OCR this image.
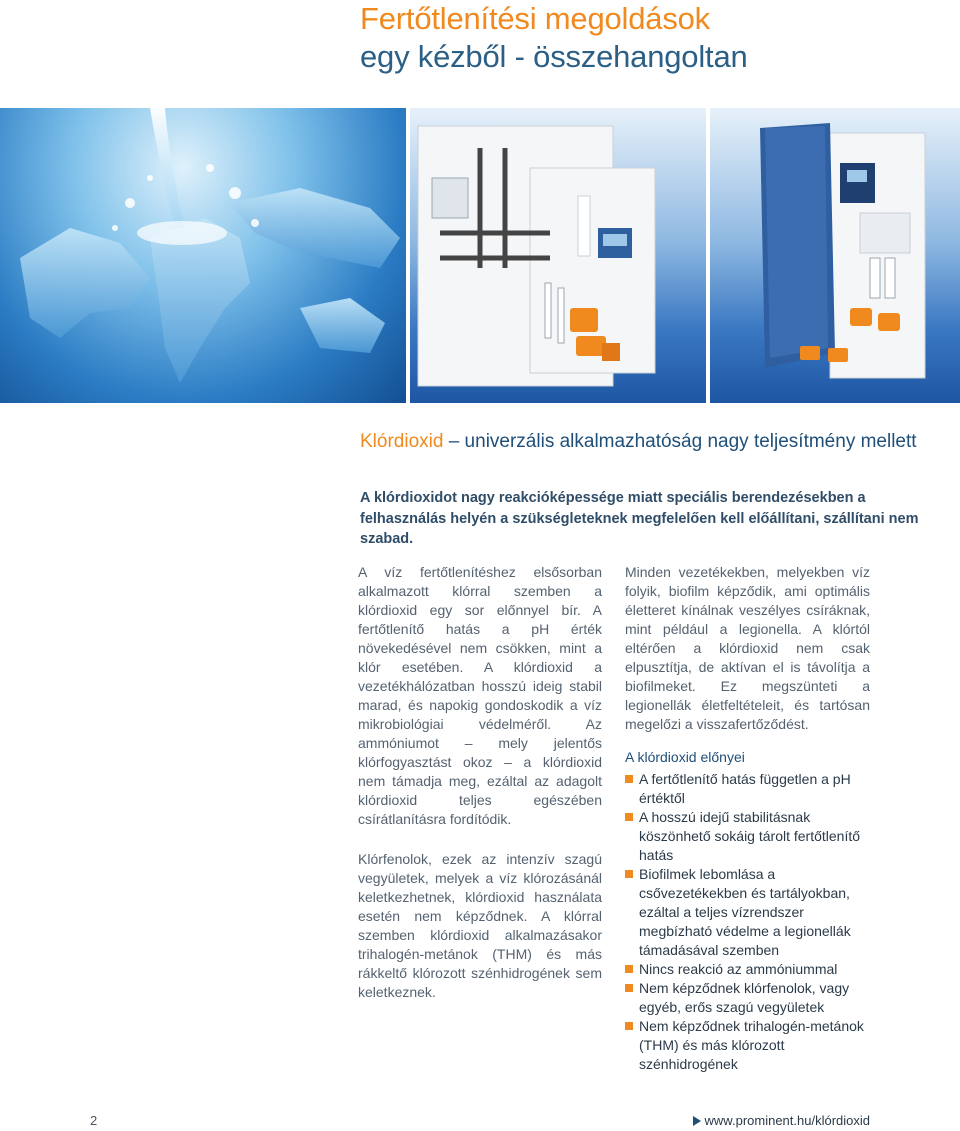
Fertőtlenítési megoldások
egy kézből - összehangoltan
Klórdioxid – univerzális alkalmazhatóság nagy teljesítmény mellett
A klórdioxidot nagy reakcióképessége miatt speciális berendezésekben a felhasználás helyén a szükségleteknek megfelelően kell előállítani, szállítani nem szabad.

A víz fertőtlenítéshez elsősorban alkalmazott klórral szemben a klórdioxid egy sor előnnyel bír. A fertőtlenítő hatás a pH érték növekedésével nem csökken, mint a klór esetében. A klórdioxid a vezetékhálózatban hosszú ideig stabil marad, és napokig gondoskodik a víz mikrobiológiai védelméről. Az ammóniumot – mely jelentős klórfogyasztást okoz – a klórdioxid nem támadja meg, ezáltal az adagolt klórdioxid teljes egészében csírátlanításra fordítódik.

Klórfenolok, ezek az intenzív szagú vegyületek, melyek a víz klórozásánál keletkezhetnek, klórdioxid használata esetén nem képződnek. A klórral szemben klórdioxid alkalmazásakor trihalogén-metánok (THM) és más rákkeltő klórozott szénhidrogének sem keletkeznek.

Minden vezetékekben, melyekben víz folyik, biofilm képződik, ami optimális életteret kínálnak veszélyes csíráknak, mint például a legionella. A klórtól eltérően a klórdioxid nem csak elpusztítja, de aktívan el is távolítja a biofilmeket. Ez megszünteti a legionellák életfeltételeit, és tartósan megelőzi a visszafertőződést.

A klórdioxid előnyei
A fertőtlenítő hatás független a pH értéktől
A hosszú idejű stabilitásnak köszönhető sokáig tárolt fertőtlenítő hatás
Biofilmek lebomlása a csővezetékekben és tartályokban, ezáltal a teljes vízrendszer megbízható védelme a legionellák támadásával szemben
Nincs reakció az ammóniummal
Nem képződnek klórfenolok, vagy egyéb, erős szagú vegyületek
Nem képződnek trihalogén-metánok (THM) és más klórozott szénhidrogének
2	www.prominent.hu/klórdioxid
